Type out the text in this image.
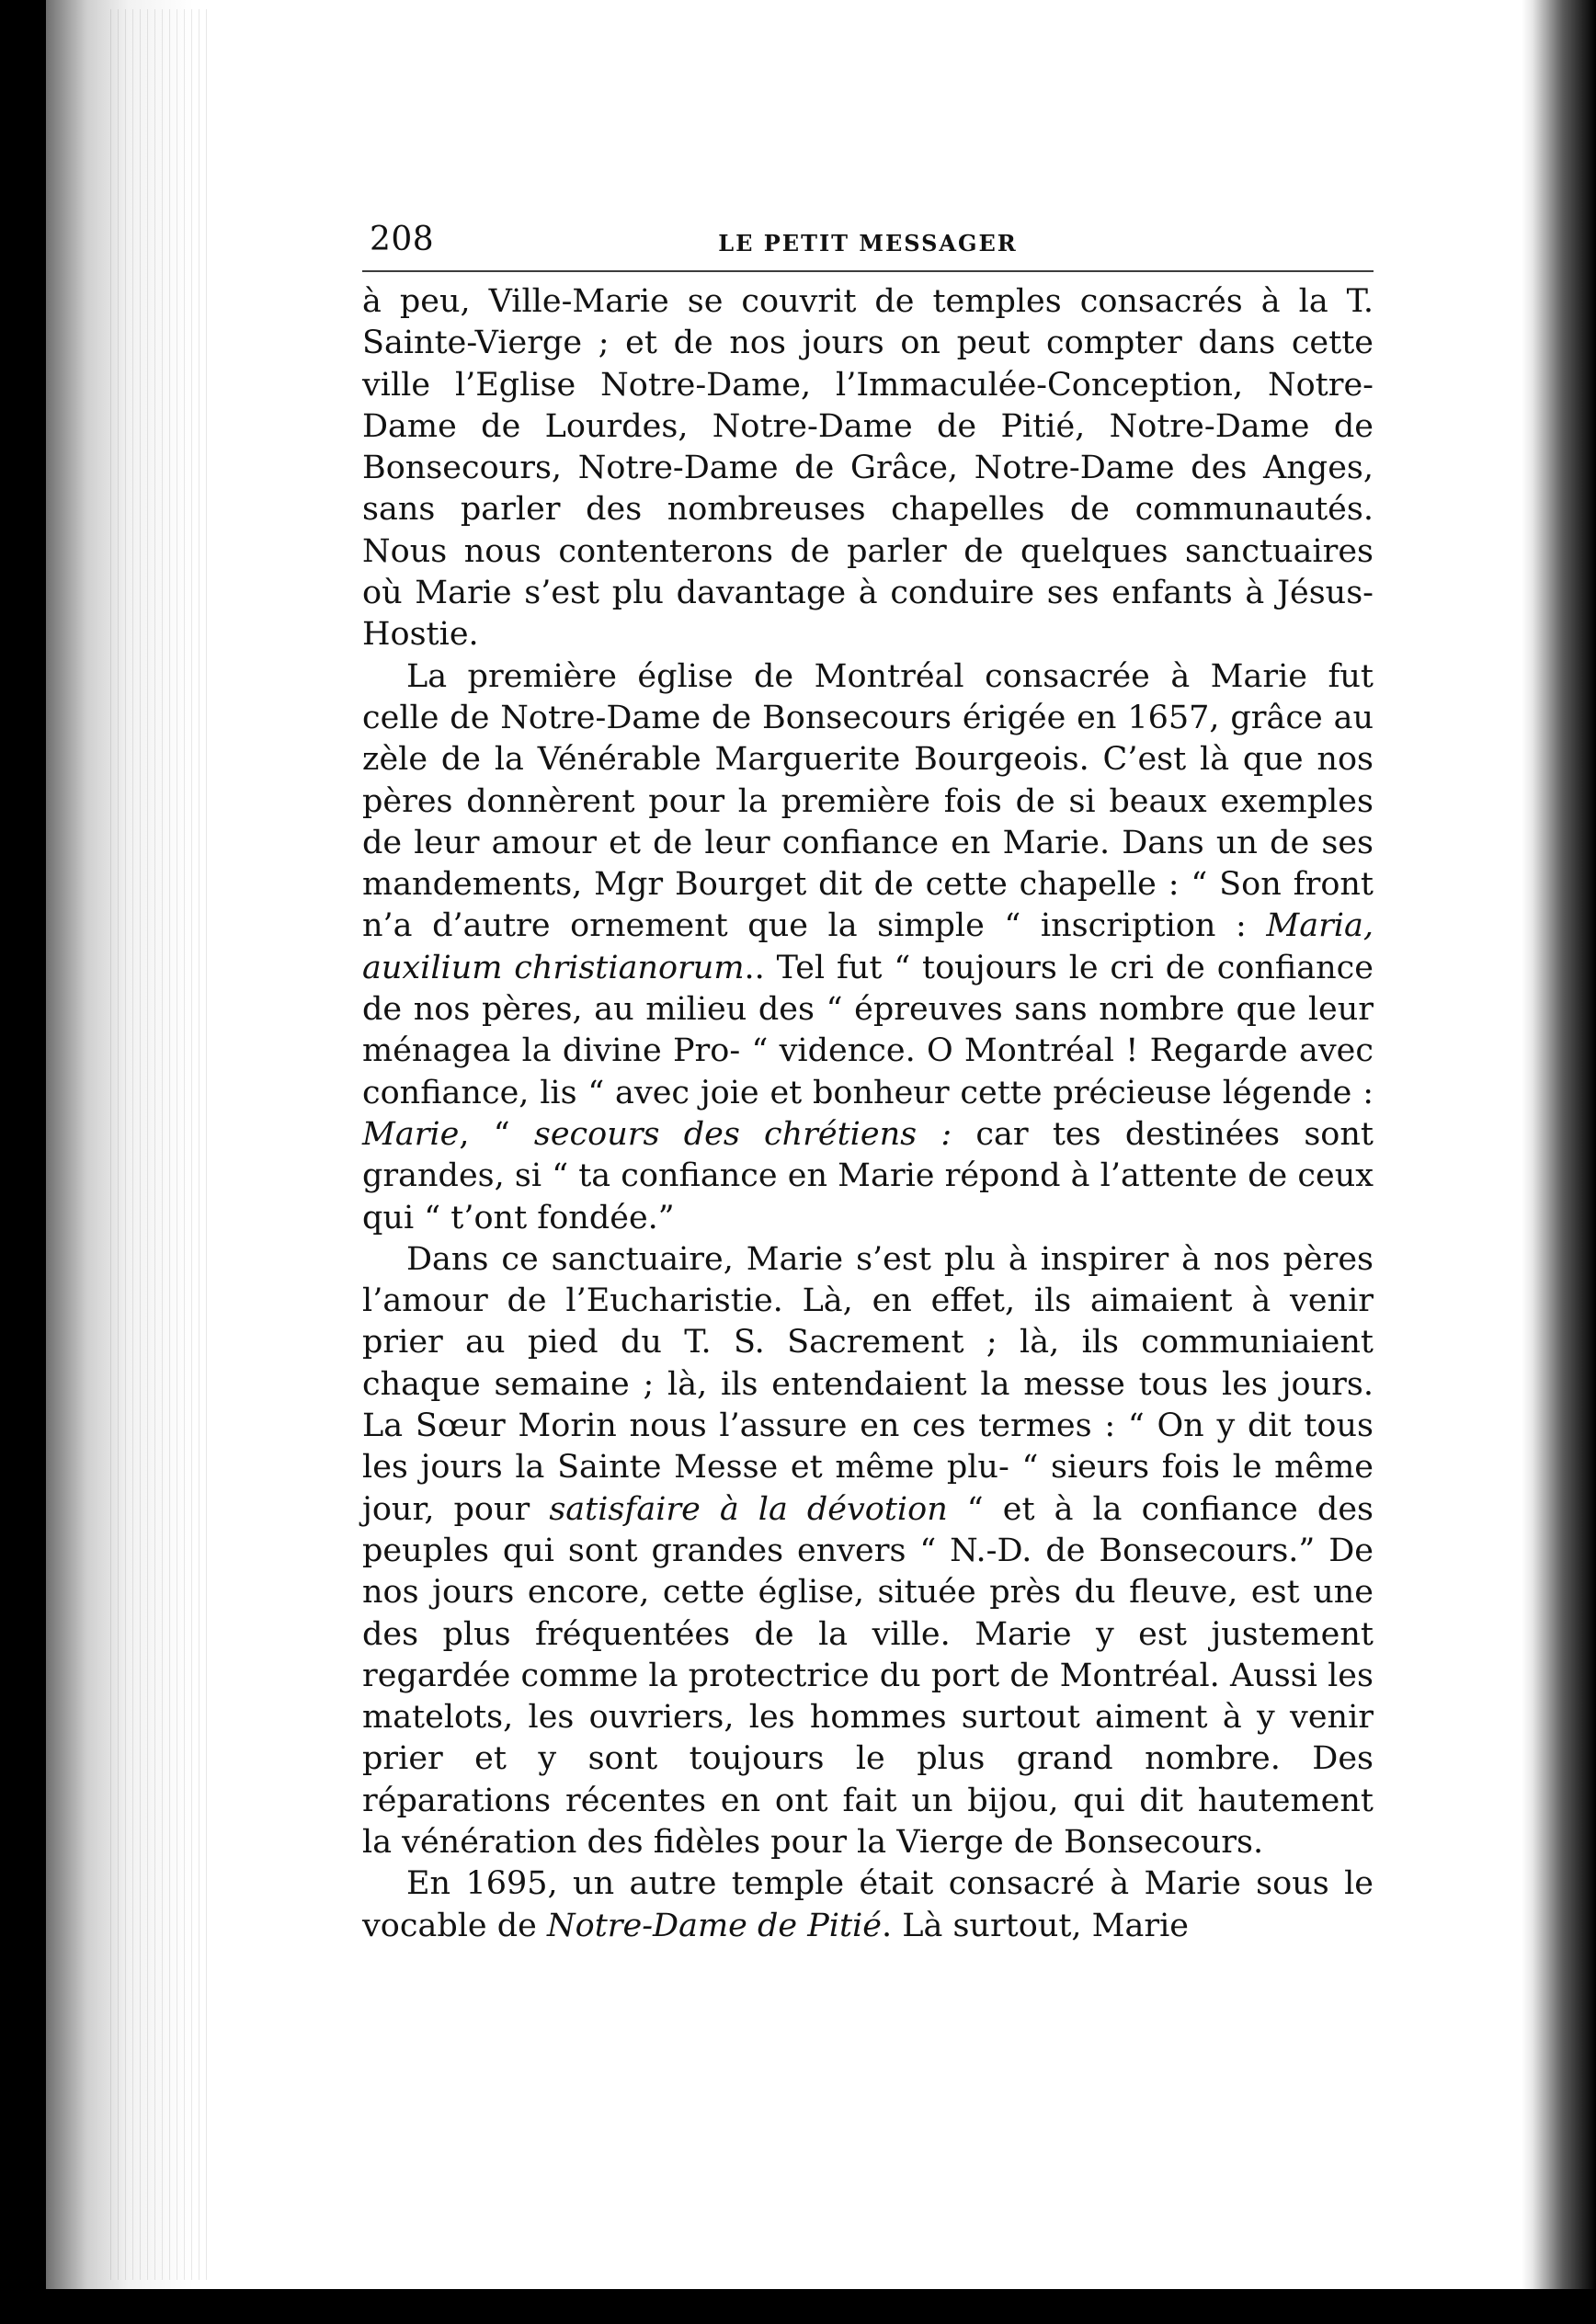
208	LE PETIT MESSAGER

à peu, Ville-Marie se couvrit de temples consacrés à la T. Sainte-Vierge ; et de nos jours on peut compter dans cette ville l’Eglise Notre-Dame, l’Immaculée-Conception, Notre-Dame de Lourdes, Notre-Dame de Pitié, Notre-Dame de Bonsecours, Notre-Dame de Grâce, Notre-Dame des Anges, sans parler des nombreuses chapelles de communautés. Nous nous contenterons de parler de quelques sanctuaires où Marie s’est plu davantage à conduire ses enfants à Jésus-Hostie.

La première église de Montréal consacrée à Marie fut celle de Notre-Dame de Bonsecours érigée en 1657, grâce au zèle de la Vénérable Marguerite Bourgeois. C’est là que nos pères donnèrent pour la première fois de si beaux exemples de leur amour et de leur confiance en Marie. Dans un de ses mandements, Mgr Bourget dit de cette chapelle : “ Son front n’a d’autre ornement que la simple “ inscription : Maria, auxilium christianorum.. Tel fut “ toujours le cri de confiance de nos pères, au milieu des “ épreuves sans nombre que leur ménagea la divine Pro- “ vidence. O Montréal ! Regarde avec confiance, lis “ avec joie et bonheur cette précieuse légende : Marie, “ secours des chrétiens : car tes destinées sont grandes, si “ ta confiance en Marie répond à l’attente de ceux qui “ t’ont fondée.”

Dans ce sanctuaire, Marie s’est plu à inspirer à nos pères l’amour de l’Eucharistie. Là, en effet, ils aimaient à venir prier au pied du T. S. Sacrement ; là, ils communiaient chaque semaine ; là, ils entendaient la messe tous les jours. La Sœur Morin nous l’assure en ces termes : “ On y dit tous les jours la Sainte Messe et même plu- “ sieurs fois le même jour, pour satisfaire à la dévotion “ et à la confiance des peuples qui sont grandes envers “ N.-D. de Bonsecours.” De nos jours encore, cette église, située près du fleuve, est une des plus fréquentées de la ville. Marie y est justement regardée comme la protectrice du port de Montréal. Aussi les matelots, les ouvriers, les hommes surtout aiment à y venir prier et y sont toujours le plus grand nombre. Des réparations récentes en ont fait un bijou, qui dit hautement la vénération des fidèles pour la Vierge de Bonsecours.

En 1695, un autre temple était consacré à Marie sous le vocable de Notre-Dame de Pitié. Là surtout, Marie
